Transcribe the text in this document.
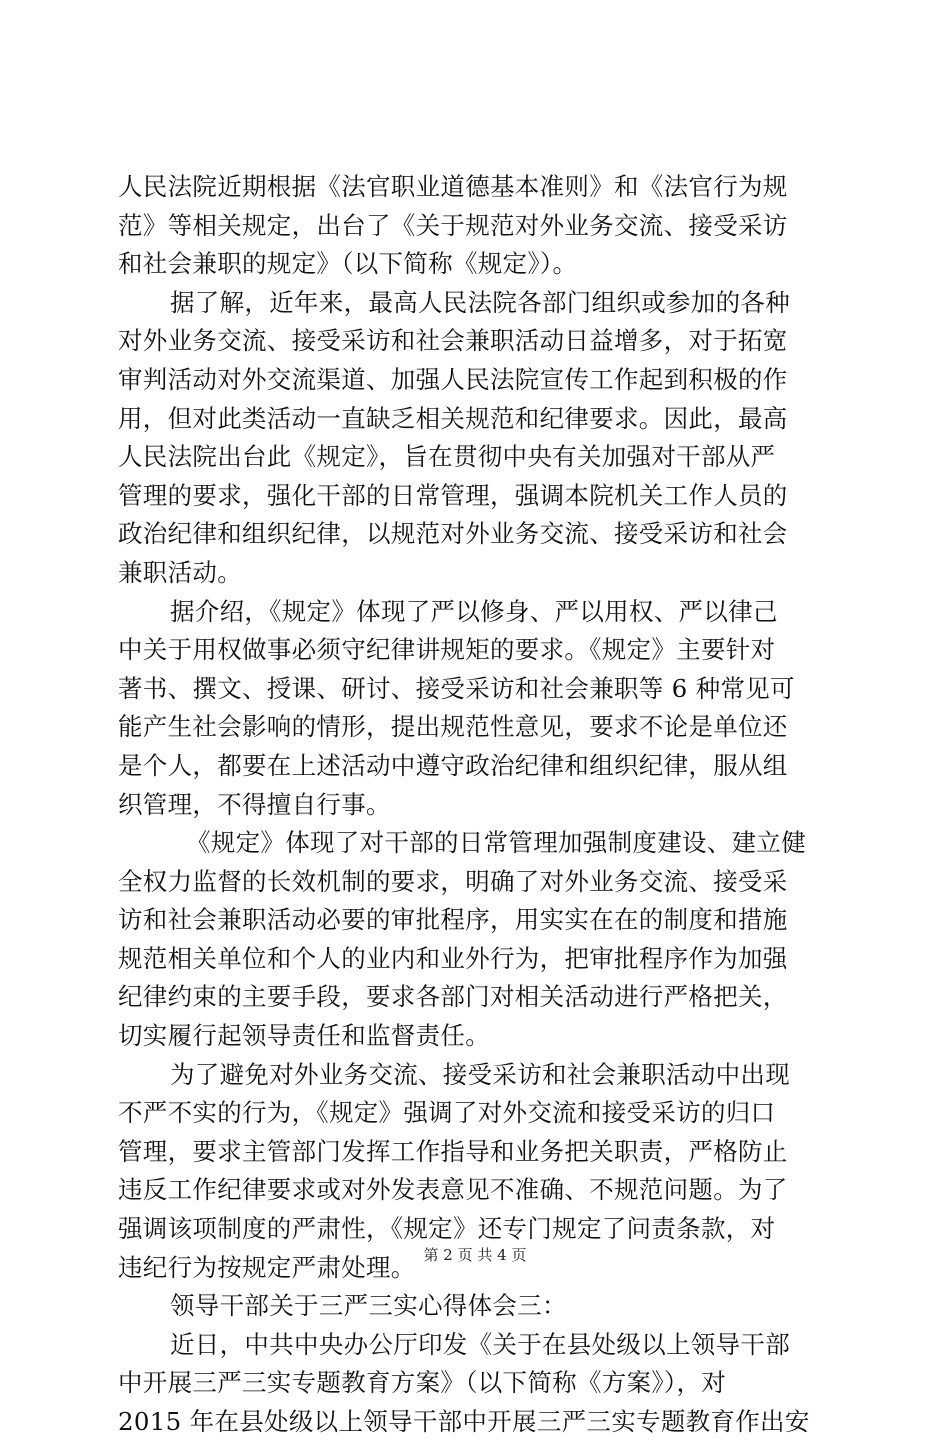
人民法院近期根据《法官职业道德基本准则》和《法官行为规
范》等相关规定，出台了《关于规范对外业务交流、接受采访
和社会兼职的规定》（以下简称《规定》）。
据了解，近年来，最高人民法院各部门组织或参加的各种
对外业务交流、接受采访和社会兼职活动日益增多，对于拓宽
审判活动对外交流渠道、加强人民法院宣传工作起到积极的作
用，但对此类活动一直缺乏相关规范和纪律要求。因此，最高
人民法院出台此《规定》，旨在贯彻中央有关加强对干部从严
管理的要求，强化干部的日常管理，强调本院机关工作人员的
政治纪律和组织纪律，以规范对外业务交流、接受采访和社会
兼职活动。
据介绍，《规定》体现了严以修身、严以用权、严以律己
中关于用权做事必须守纪律讲规矩的要求。《规定》主要针对
著书、撰文、授课、研讨、接受采访和社会兼职等 6 种常见可
能产生社会影响的情形，提出规范性意见，要求不论是单位还
是个人，都要在上述活动中遵守政治纪律和组织纪律，服从组
织管理，不得擅自行事。
《规定》体现了对干部的日常管理加强制度建设、建立健
全权力监督的长效机制的要求，明确了对外业务交流、接受采
访和社会兼职活动必要的审批程序，用实实在在的制度和措施
规范相关单位和个人的业内和业外行为，把审批程序作为加强
纪律约束的主要手段，要求各部门对相关活动进行严格把关，
切实履行起领导责任和监督责任。
为了避免对外业务交流、接受采访和社会兼职活动中出现
不严不实的行为，《规定》强调了对外交流和接受采访的归口
管理，要求主管部门发挥工作指导和业务把关职责，严格防止
违反工作纪律要求或对外发表意见不准确、不规范问题。为了
强调该项制度的严肃性，《规定》还专门规定了问责条款，对
违纪行为按规定严肃处理。
领导干部关于三严三实心得体会三：
近日，中共中央办公厅印发《关于在县处级以上领导干部
中开展三严三实专题教育方案》（以下简称《方案》），对
2015 年在县处级以上领导干部中开展三严三实专题教育作出安
第 2 页 共 4 页
